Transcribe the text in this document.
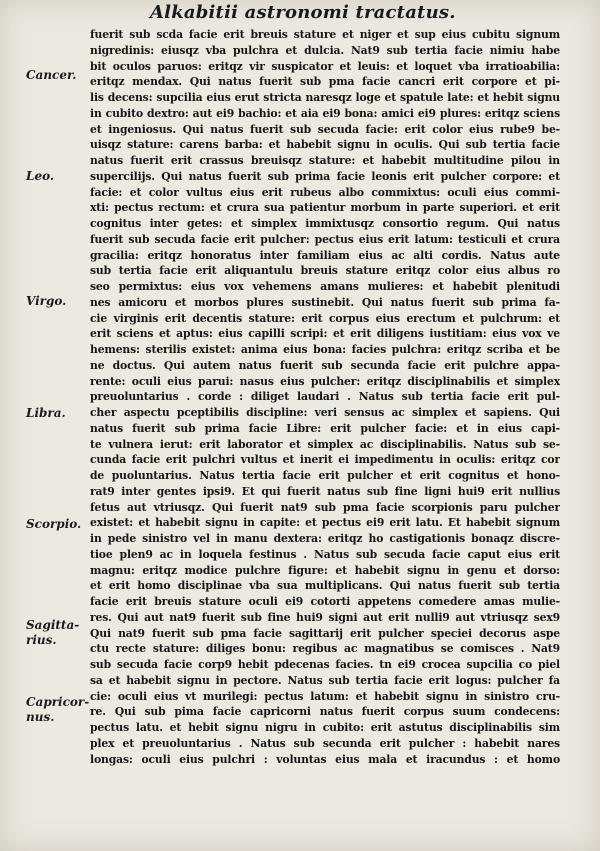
Alkabitii astronomi tractatus.
Cancer.
Leo.
Virgo.
Libra.
Scorpio.
Sagitta-
rius.
Capricor-
nus.
fuerit sub scda facie erit breuis stature et niger et sup eius cubitu signum
nigredinis: eiusqz vba pulchra et dulcia. Nat9 sub tertia facie nimiu habe
bit oculos paruos: eritqz vir suspicator et leuis: et loquet vba irratioabilia:
eritqz mendax. Qui natus fuerit sub pma facie cancri erit corpore et pi-
lis decens: supcilia eius erut stricta naresqz loge et spatule late: et hebit signu
in cubito dextro: aut ei9 bachio: et aia ei9 bona: amici ei9 plures: eritqz sciens
et ingeniosus. Qui natus fuerit sub secuda facie: erit color eius rube9 be-
uisqz stature: carens barba: et habebit signu in oculis. Qui sub tertia facie
natus fuerit erit crassus breuisqz stature: et habebit multitudine pilou in
supercilijs. Qui natus fuerit sub prima facie leonis erit pulcher corpore: et
facie: et color vultus eius erit rubeus albo commixtus: oculi eius commi-
xti: pectus rectum: et crura sua patientur morbum in parte superiori. et erit
cognitus inter getes: et simplex immixtusqz consortio regum. Qui natus
fuerit sub secuda facie erit pulcher: pectus eius erit latum: testiculi et crura
gracilia: eritqz honoratus inter familiam eius ac alti cordis. Natus aute
sub tertia facie erit aliquantulu breuis stature eritqz color eius albus ro
seo permixtus: eius vox vehemens amans mulieres: et habebit plenitudi
nes amicoru et morbos plures sustinebit. Qui natus fuerit sub prima fa-
cie virginis erit decentis stature: erit corpus eius erectum et pulchrum: et
erit sciens et aptus: eius capilli scripi: et erit diligens iustitiam: eius vox ve
hemens: sterilis existet: anima eius bona: facies pulchra: eritqz scriba et be
ne doctus. Qui autem natus fuerit sub secunda facie erit pulchre appa-
rente: oculi eius parui: nasus eius pulcher: eritqz disciplinabilis et simplex
preuoluntarius . corde : diliget laudari . Natus sub tertia facie erit pul-
cher aspectu pceptibilis discipline: veri sensus ac simplex et sapiens. Qui
natus fuerit sub prima facie Libre: erit pulcher facie: et in eius capi-
te vulnera ierut: erit laborator et simplex ac disciplinabilis. Natus sub se-
cunda facie erit pulchri vultus et inerit ei impedimentu in oculis: eritqz cor
de puoluntarius. Natus tertia facie erit pulcher et erit cognitus et hono-
rat9 inter gentes ipsi9. Et qui fuerit natus sub fine ligni hui9 erit nullius
fetus aut vtriusqz. Qui fuerit nat9 sub pma facie scorpionis paru pulcher
existet: et habebit signu in capite: et pectus ei9 erit latu. Et habebit signum
in pede sinistro vel in manu dextera: eritqz ho castigationis bonaqz discre-
tioe plen9 ac in loquela festinus . Natus sub secuda facie caput eius erit
magnu: eritqz modice pulchre figure: et habebit signu in genu et dorso:
et erit homo disciplinae vba sua multiplicans. Qui natus fuerit sub tertia
facie erit breuis stature oculi ei9 cotorti appetens comedere amas mulie-
res. Qui aut nat9 fuerit sub fine hui9 signi aut erit nulli9 aut vtriusqz sex9
Qui nat9 fuerit sub pma facie sagittarij erit pulcher speciei decorus aspe
ctu recte stature: diliges bonu: regibus ac magnatibus se comisces . Nat9
sub secuda facie corp9 hebit pdecenas facies. tn ei9 crocea supcilia co piel
sa et habebit signu in pectore. Natus sub tertia facie erit logus: pulcher fa
cie: oculi eius vt murilegi: pectus latum: et habebit signu in sinistro cru-
re. Qui sub pima facie capricorni natus fuerit corpus suum condecens:
pectus latu. et hebit signu nigru in cubito: erit astutus disciplinabilis sim
plex et preuoluntarius . Natus sub secunda erit pulcher : habebit nares
longas: oculi eius pulchri : voluntas eius mala et iracundus : et homo
